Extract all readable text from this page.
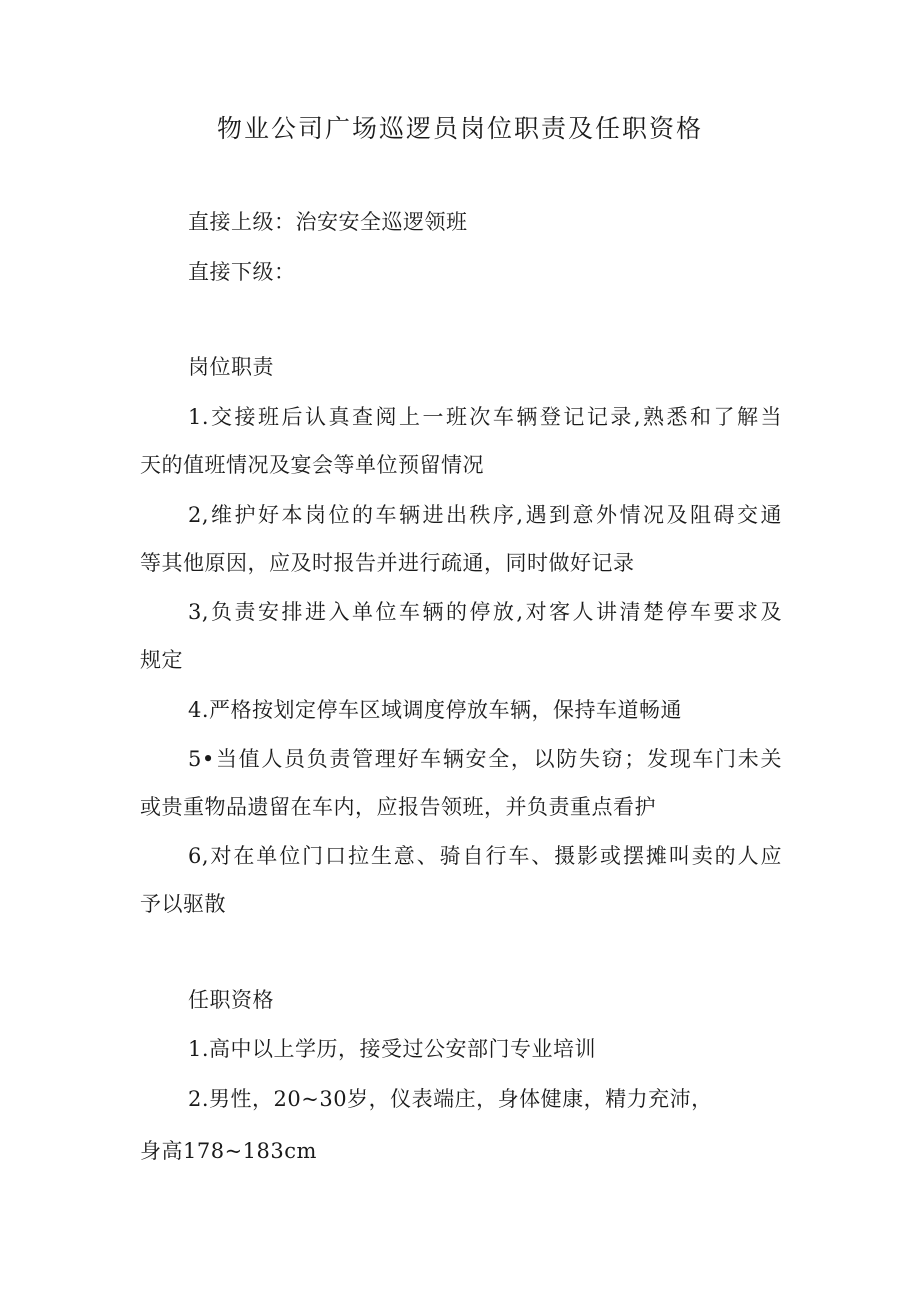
物业公司广场巡逻员岗位职责及任职资格
直接上级：治安安全巡逻领班
直接下级：
岗位职责
1.交接班后认真查阅上一班次车辆登记记录,熟悉和了解当
天的值班情况及宴会等单位预留情况
2,维护好本岗位的车辆进出秩序,遇到意外情况及阻碍交通
等其他原因，应及时报告并进行疏通，同时做好记录
3,负责安排进入单位车辆的停放,对客人讲清楚停车要求及
规定
4.严格按划定停车区域调度停放车辆，保持车道畅通
5•当值人员负责管理好车辆安全，以防失窃；发现车门未关
或贵重物品遗留在车内，应报告领班，并负责重点看护
6,对在单位门口拉生意、骑自行车、摄影或摆摊叫卖的人应
予以驱散
任职资格
1.高中以上学历，接受过公安部门专业培训
2.男性，20~30岁，仪表端庄，身体健康，精力充沛，
身高178~183cm
